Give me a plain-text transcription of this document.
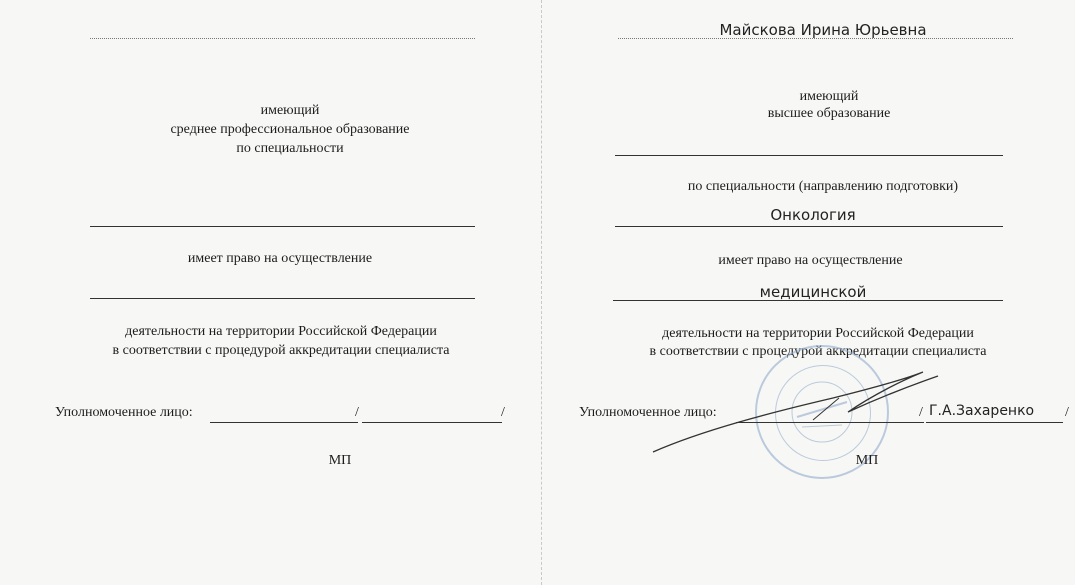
имеющий
среднее профессиональное образование
по специальности
имеет право на осуществление
деятельности на территории Российской Федерации
в соответствии с процедурой аккредитации специалиста
Уполномоченное лицо:	/	/
МП
Майскова Ирина Юрьевна
имеющий
высшее образование
по специальности (направлению подготовки)
Онкология
имеет право на осуществление
медицинской
деятельности на территории Российской Федерации
в соответствии с процедурой аккредитации специалиста
Уполномоченное лицо:	/ Г.А.Захаренко /
МП
